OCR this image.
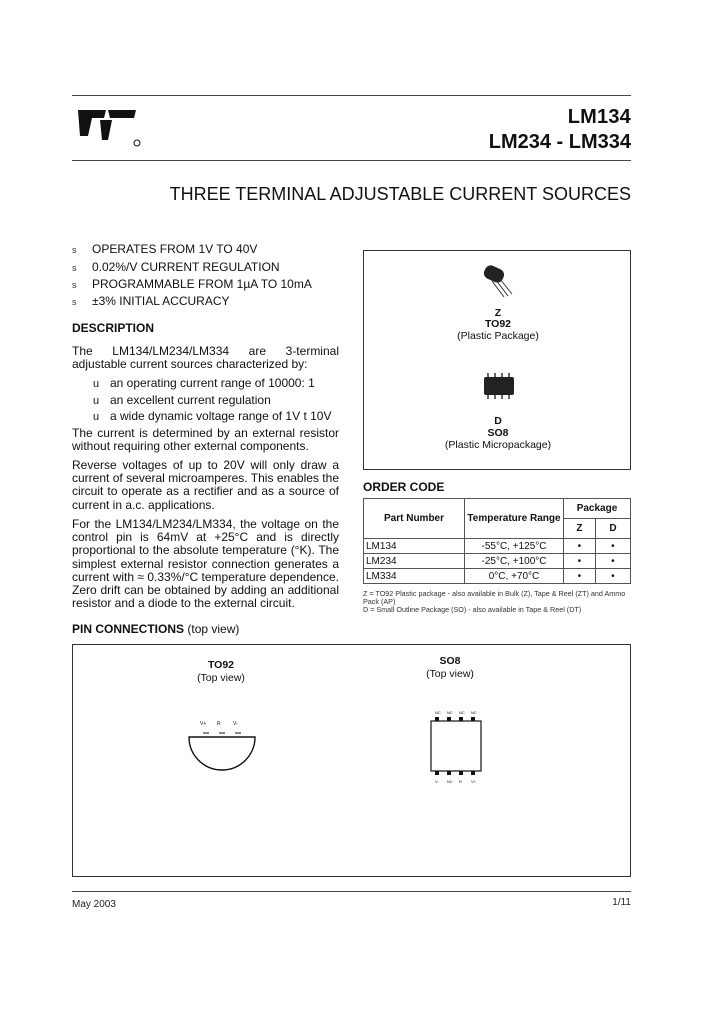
LM134
LM234 - LM334
THREE TERMINAL ADJUSTABLE CURRENT SOURCES
s OPERATES FROM 1V TO 40V
s 0.02%/V CURRENT REGULATION
s PROGRAMMABLE FROM 1µA TO 10mA
s ±3% INITIAL ACCURACY
DESCRIPTION
The LM134/LM234/LM334 are 3-terminal adjustable current sources characterized by:
u an operating current range of 10000: 1
u an excellent current regulation
u a wide dynamic voltage range of 1V t 10V
The current is determined by an external resistor without requiring other external components.
Reverse voltages of up to 20V will only draw a current of several microamperes. This enables the circuit to operate as a rectifier and as a source of current in a.c. applications.
For the LM134/LM234/LM334, the voltage on the control pin is 64mV at +25°C and is directly proportional to the absolute temperature (°K). The simplest external resistor connection generates a current with ≈ 0.33%/°C temperature dependence. Zero drift can be obtained by adding an additional resistor and a diode to the external circuit.
Z
TO92
(Plastic Package)
D
SO8
(Plastic Micropackage)
ORDER CODE
Part Number	Temperature Range	Package	
		Z	D
LM134	-55°C, +125°C	•	•
LM234	-25°C, +100°C	•	•
LM334	0°C, +70°C	•	•
Z = TO92 Plastic package - also available in Bulk (Z), Tape & Reel (ZT) and Ammo Pack (AP)
D = Small Outline Package (SO) - also available in Tape & Reel (DT)
PIN CONNECTIONS (top view)
TO92
(Top view)
V+ R V-
SO8
(Top view)
NC NC NC NC
V- NC R V+
May 2003	1/11
